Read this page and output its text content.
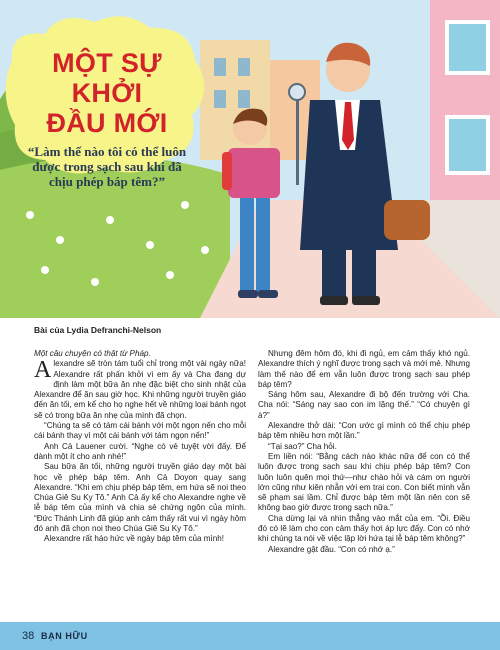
MỘT SỰ KHỞI
ĐẦU MỚI

“Làm thế nào tôi có thể luôn được trong sạch sau khi đã chịu phép báp têm?”

Bài của Lydia Defranchi-Nelson

Một câu chuyện có thật từ Pháp.

Alexandre sẽ tròn tám tuổi chỉ trong một vài ngày nữa! Alexandre rất phấn khởi vì em ấy và Cha đang dự định làm một bữa ăn nhẹ đặc biệt cho sinh nhật của Alexandre để ăn sau giờ học. Khi những người truyền giáo đến ăn tối, em kể cho họ nghe hết về những loại bánh ngọt sẽ có trong bữa ăn nhẹ của mình đã chọn.

“Chúng ta sẽ có tám cái bánh với một ngọn nến cho mỗi cái bánh thay vì một cái bánh với tám ngọn nến!”

Anh Cả Lauener cười. “Nghe có vẻ tuyệt vời đấy. Để dành một ít cho anh nhé!”

Sau bữa ăn tối, những người truyền giáo dạy một bài học về phép báp têm. Anh Cả Doyon quay sang Alexandre. “Khi em chịu phép báp têm, em hứa sẽ noi theo Chúa Giê Su Ky Tô.” Anh Cả ấy kể cho Alexandre nghe về lễ báp têm của mình và chia sẻ chứng ngôn của mình. “Đức Thánh Linh đã giúp anh cảm thấy rất vui vì ngày hôm đó anh đã chọn noi theo Chúa Giê Su Ky Tô.”

Alexandre rất háo hức về ngày báp têm của mình!

Nhưng đêm hôm đó, khi đi ngủ, em cảm thấy khó ngủ. Alexandre thích ý nghĩ được trong sạch và mới mẻ. Nhưng làm thế nào để em vẫn luôn được trong sạch sau phép báp têm?

Sáng hôm sau, Alexandre đi bộ đến trường với Cha. Cha nói: “Sáng nay sao con im lặng thế.” “Có chuyện gì à?”

Alexandre thở dài: “Con ước gì mình có thể chịu phép báp têm nhiều hơn một lần.”

“Tại sao?” Cha hỏi.

Em liền nói: “Bằng cách nào khác nữa để con có thể luôn được trong sạch sau khi chịu phép báp têm? Con luôn luôn quên mọi thứ—như chào hỏi và cám ơn người lớn cũng như kiên nhẫn với em trai con. Con biết mình vẫn sẽ phạm sai lầm. Chỉ được báp têm một lần nên con sẽ không bao giờ được trong sạch nữa.”

Cha dừng lại và nhìn thẳng vào mắt của em. “Ồi. Điều đó có lẽ làm cho con cảm thấy hơi áp lực đấy. Con có nhớ khi chúng ta nói về việc lập lời hứa tại lễ báp têm không?”

Alexandre gật đầu. “Con có nhớ ạ.”

38 BẠN HỮU
